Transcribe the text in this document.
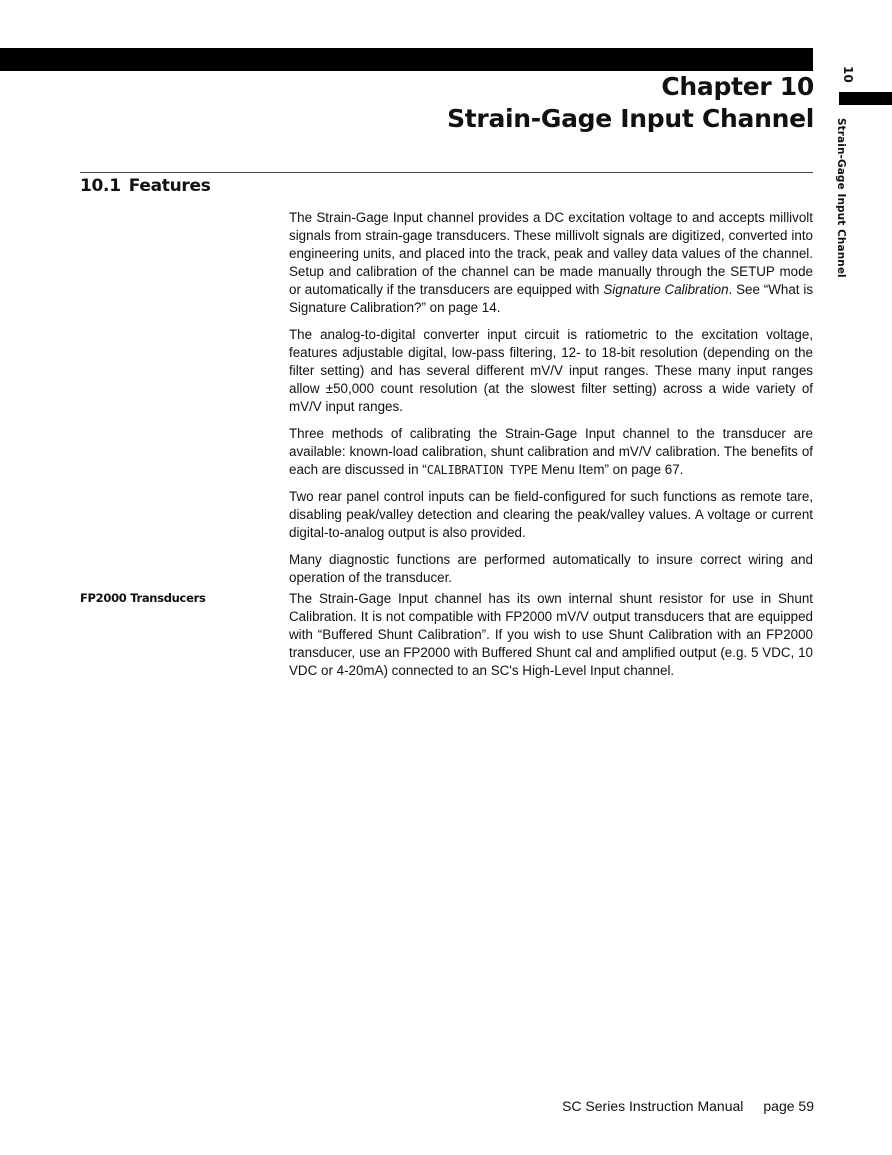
10
Strain-Gage Input Channel
Chapter 10
Strain-Gage Input Channel
10.1 Features

The Strain-Gage Input channel provides a DC excitation voltage to and accepts millivolt signals from strain-gage transducers. These millivolt signals are digitized, converted into engineering units, and placed into the track, peak and valley data values of the channel. Setup and calibration of the channel can be made manually through the SETUP mode or automatically if the transducers are equipped with Signature Calibration. See “What is Signature Calibration?” on page 14.

The analog-to-digital converter input circuit is ratiometric to the excitation voltage, features adjustable digital, low-pass filtering, 12- to 18-bit resolution (depending on the filter setting) and has several different mV/V input ranges. These many input ranges allow ±50,000 count resolution (at the slowest filter setting) across a wide variety of mV/V input ranges.

Three methods of calibrating the Strain-Gage Input channel to the transducer are available: known-load calibration, shunt calibration and mV/V calibration. The benefits of each are discussed in “CALIBRATION TYPE Menu Item” on page 67.

Two rear panel control inputs can be field-configured for such functions as remote tare, disabling peak/valley detection and clearing the peak/valley values. A voltage or current digital-to-analog output is also provided.

Many diagnostic functions are performed automatically to insure correct wiring and operation of the transducer.

FP2000 Transducers	The Strain-Gage Input channel has its own internal shunt resistor for use in Shunt Calibration. It is not compatible with FP2000 mV/V output transducers that are equipped with “Buffered Shunt Calibration”. If you wish to use Shunt Calibration with an FP2000 transducer, use an FP2000 with Buffered Shunt cal and amplified output (e.g. 5 VDC, 10 VDC or 4-20mA) connected to an SC's High-Level Input channel.
SC Series Instruction Manual page 59
